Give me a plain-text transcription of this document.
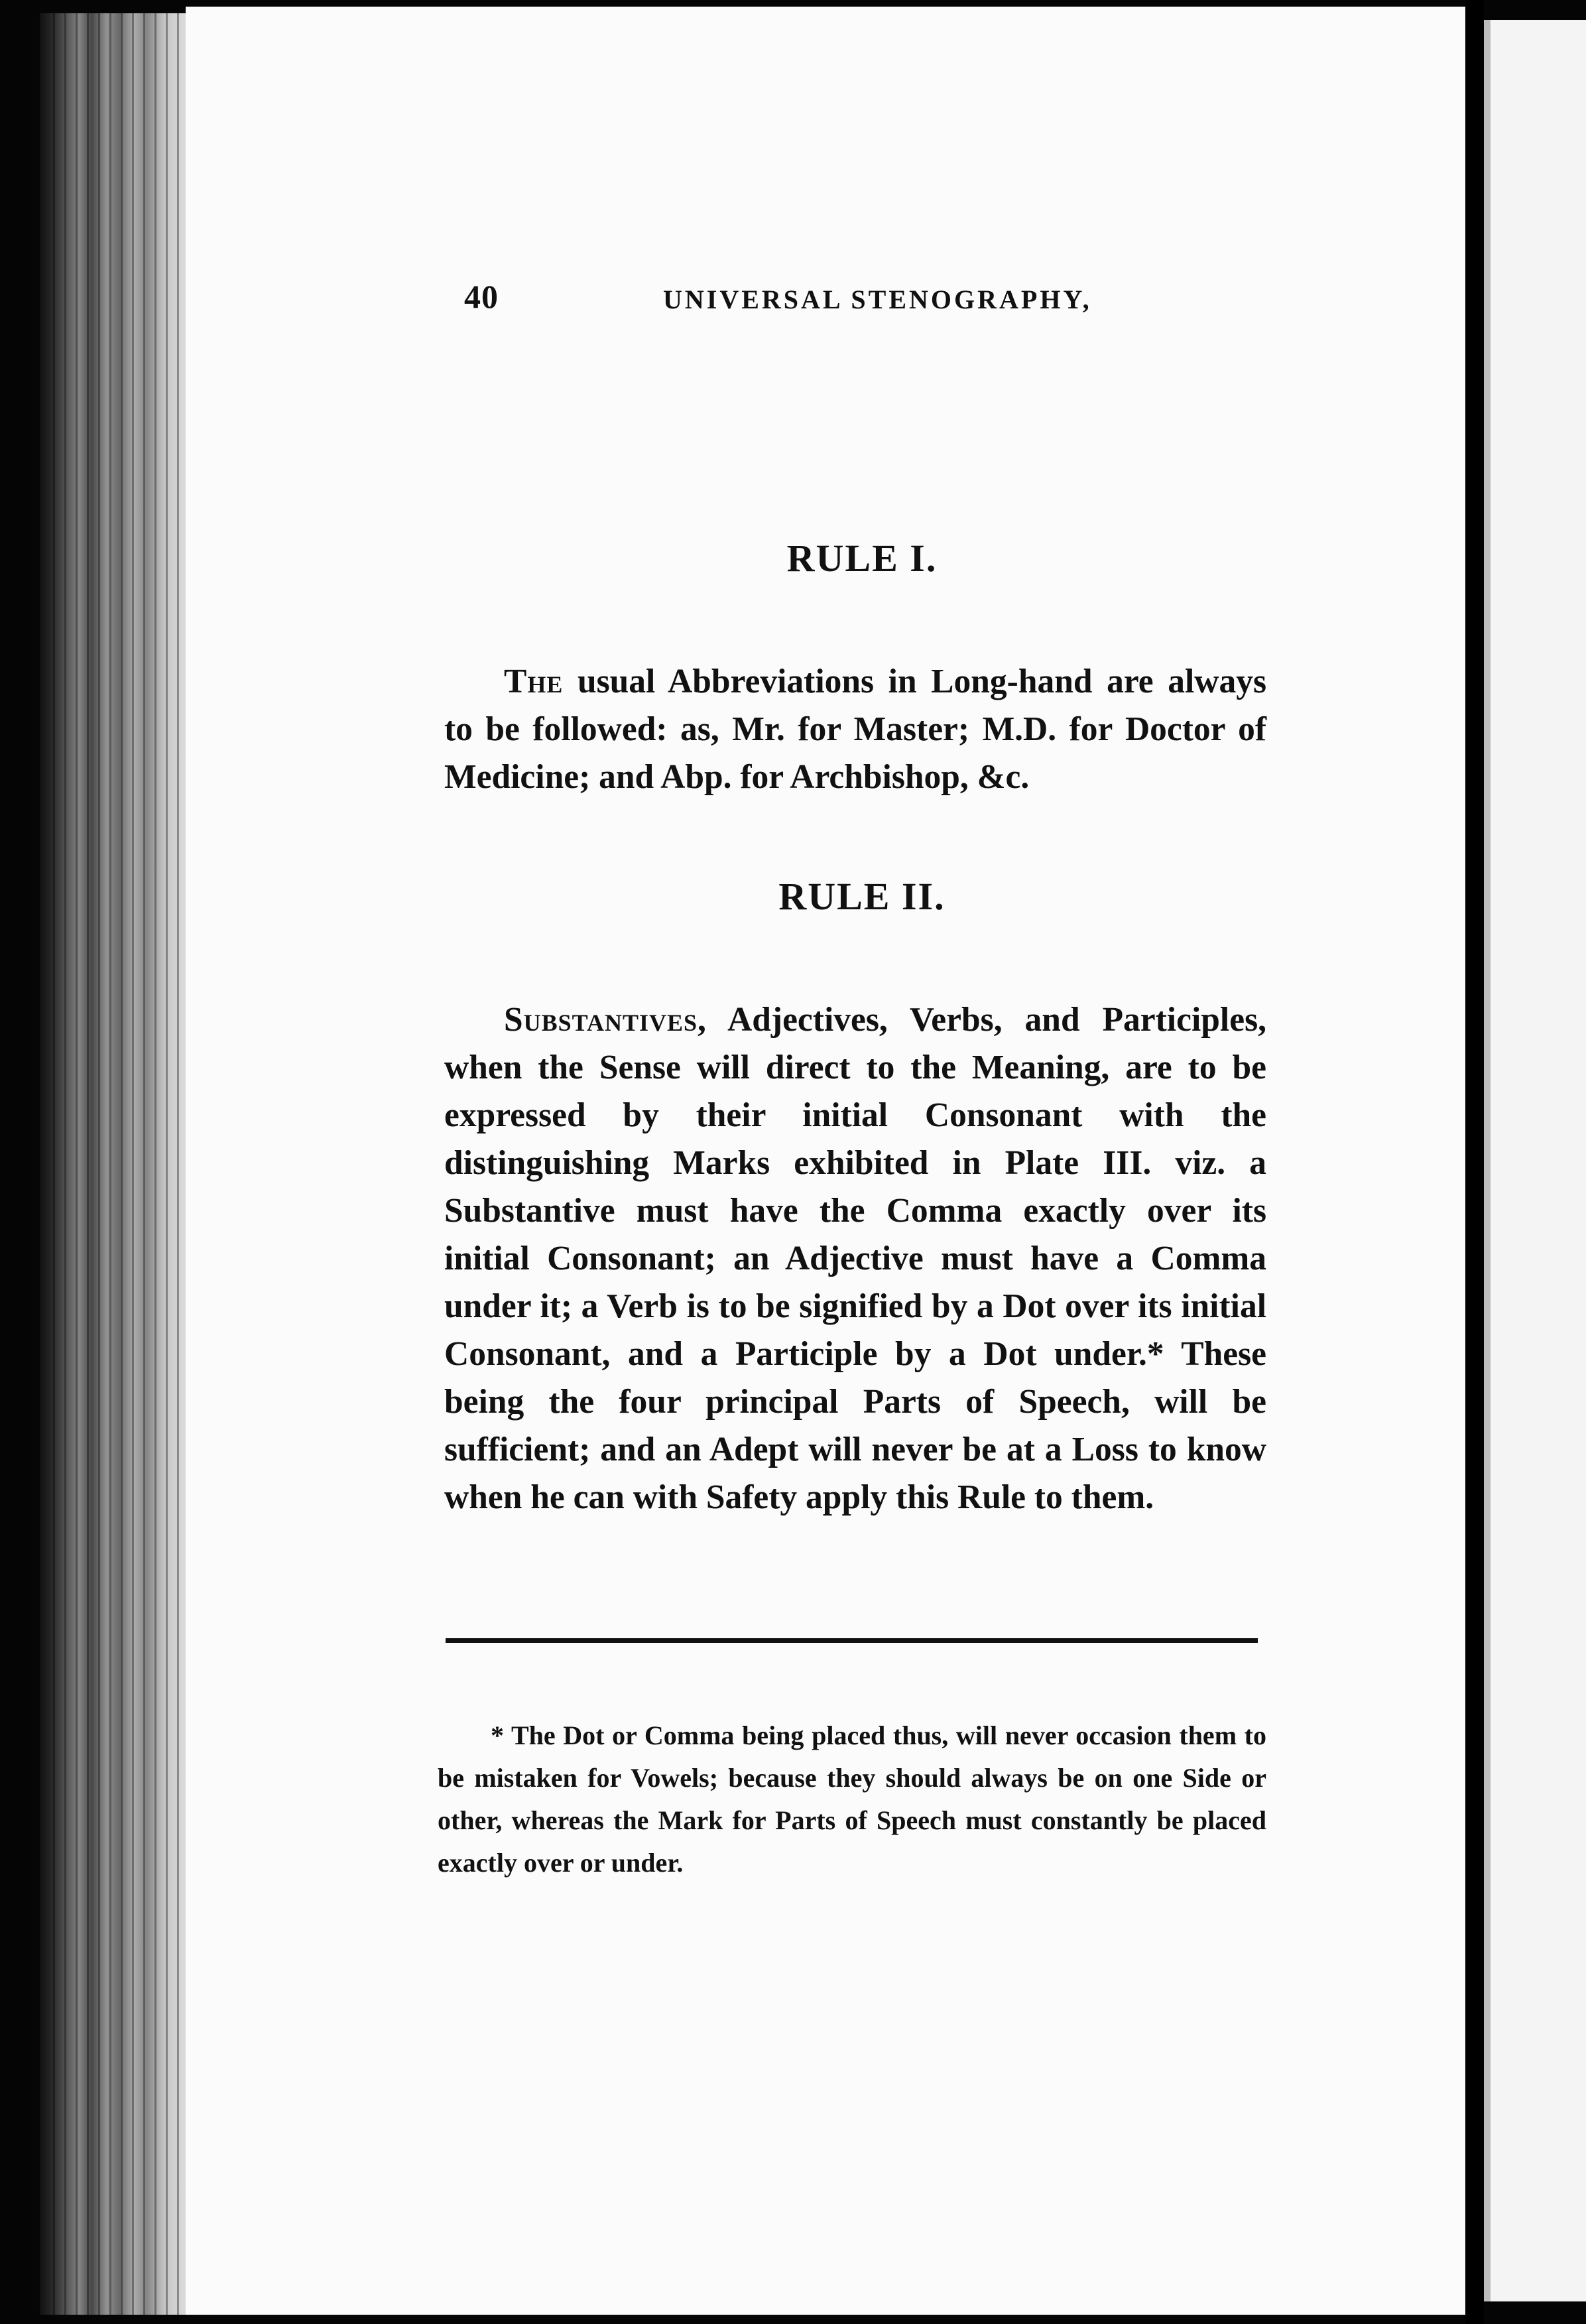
40	UNIVERSAL STENOGRAPHY,
RULE I.

The usual Abbreviations in Long-hand are always to be followed: as, Mr. for Master; M.D. for Doctor of Medicine; and Abp. for Archbishop, &c.

RULE II.

Substantives, Adjectives, Verbs, and Participles, when the Sense will direct to the Meaning, are to be expressed by their initial Consonant with the distinguishing Marks exhibited in Plate III. viz. a Substantive must have the Comma exactly over its initial Consonant; an Adjective must have a Comma under it; a Verb is to be signified by a Dot over its initial Consonant, and a Participle by a Dot under.* These being the four principal Parts of Speech, will be sufficient; and an Adept will never be at a Loss to know when he can with Safety apply this Rule to them.

* The Dot or Comma being placed thus, will never occasion them to be mistaken for Vowels; because they should always be on one Side or other, whereas the Mark for Parts of Speech must constantly be placed exactly over or under.
